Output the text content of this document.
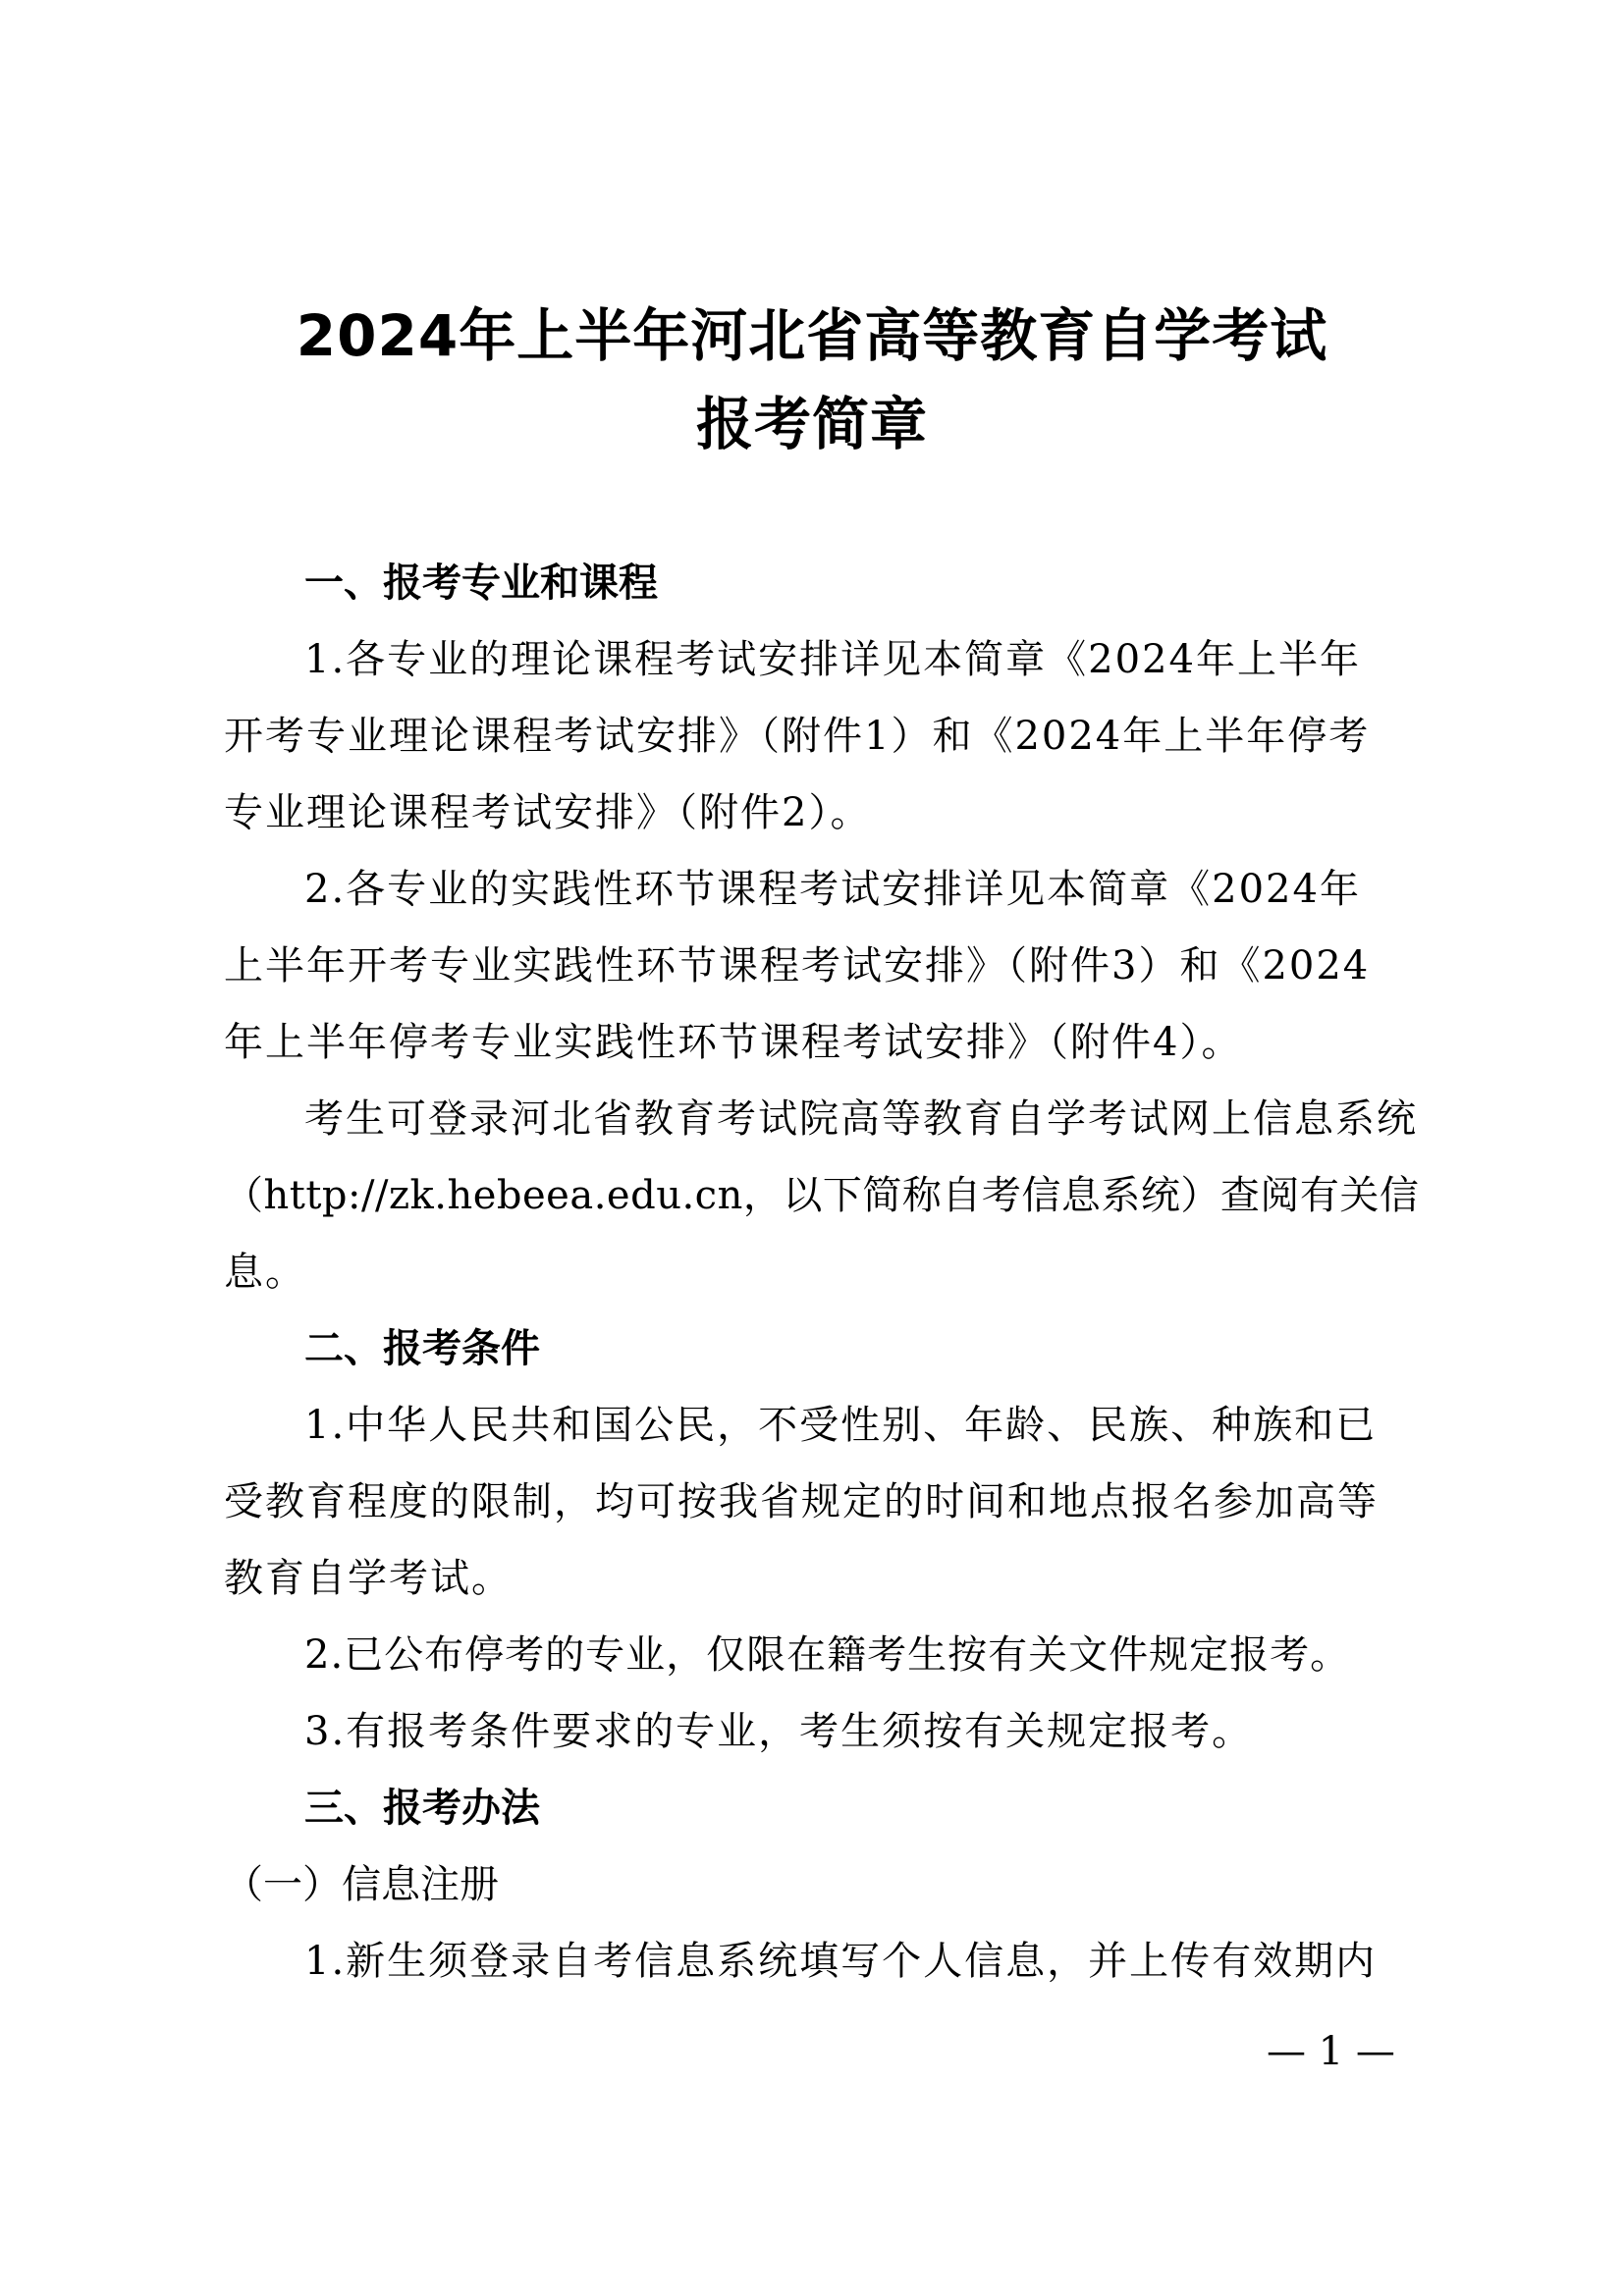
2024年上半年河北省高等教育自学考试
报考简章
一、报考专业和课程
1.各专业的理论课程考试安排详见本简章《2024年上半年
开考专业理论课程考试安排》（附件1）和《2024年上半年停考
专业理论课程考试安排》（附件2）。
2.各专业的实践性环节课程考试安排详见本简章《2024年
上半年开考专业实践性环节课程考试安排》（附件3）和《2024
年上半年停考专业实践性环节课程考试安排》（附件4）。
考生可登录河北省教育考试院高等教育自学考试网上信息系统
（http://zk.hebeea.edu.cn，以下简称自考信息系统）查阅有关信
息。
二、报考条件
1.中华人民共和国公民，不受性别、年龄、民族、种族和已
受教育程度的限制，均可按我省规定的时间和地点报名参加高等
教育自学考试。
2.已公布停考的专业，仅限在籍考生按有关文件规定报考。
3.有报考条件要求的专业，考生须按有关规定报考。
三、报考办法
（一）信息注册
1.新生须登录自考信息系统填写个人信息，并上传有效期内
— 1 —
